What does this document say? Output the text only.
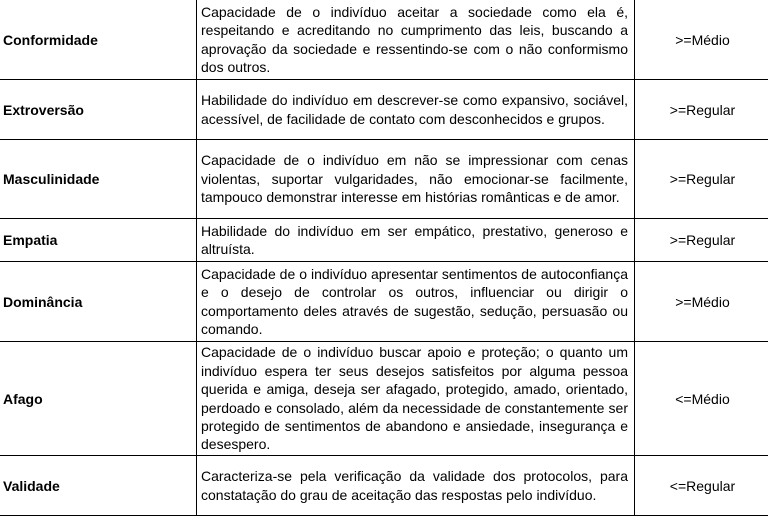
Conformidade	Capacidade de o indivíduo aceitar a sociedade como ela é, respeitando e acreditando no cumprimento das leis, buscando a aprovação da sociedade e ressentindo-se com o não conformismo dos outros.	>=Médio
Extroversão	Habilidade do indivíduo em descrever-se como expansivo, sociável, acessível, de facilidade de contato com desconhecidos e grupos.	>=Regular
Masculinidade	Capacidade de o indivíduo em não se impressionar com cenas violentas, suportar vulgaridades, não emocionar-se facilmente, tampouco demonstrar interesse em histórias românticas e de amor.	>=Regular
Empatia	Habilidade do indivíduo em ser empático, prestativo, generoso e altruísta.	>=Regular
Dominância	Capacidade de o indivíduo apresentar sentimentos de autoconfiança e o desejo de controlar os outros, influenciar ou dirigir o comportamento deles através de sugestão, sedução, persuasão ou comando.	>=Médio
Afago	Capacidade de o indivíduo buscar apoio e proteção; o quanto um indivíduo espera ter seus desejos satisfeitos por alguma pessoa querida e amiga, deseja ser afagado, protegido, amado, orientado, perdoado e consolado, além da necessidade de constantemente ser protegido de sentimentos de abandono e ansiedade, insegurança e desespero.	<=Médio
Validade	Caracteriza-se pela verificação da validade dos protocolos, para constatação do grau de aceitação das respostas pelo indivíduo.	<=Regular
